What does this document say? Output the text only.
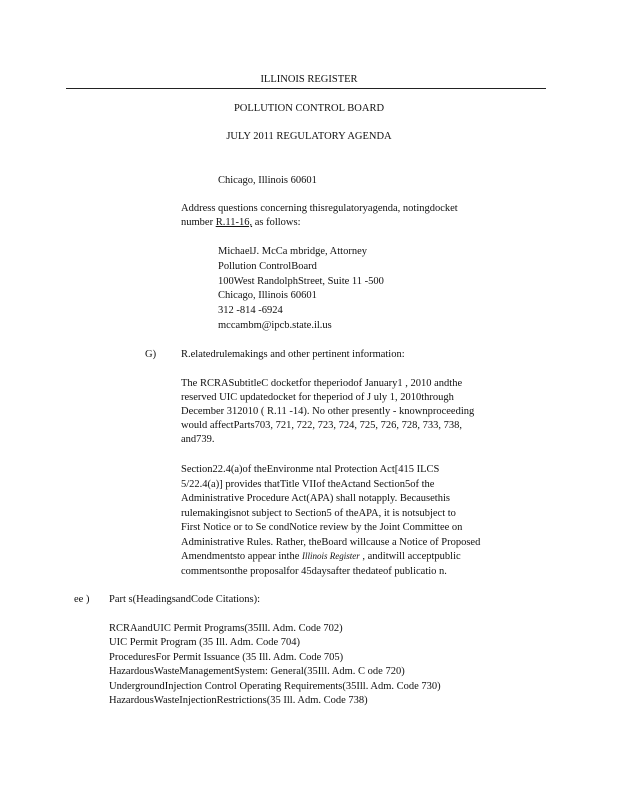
ILLINOIS REGISTER
POLLUTION CONTROL BOARD
JULY 2011 REGULATORY AGENDA
Chicago, Illinois 60601
Address questions concerning thisregulatoryagenda, notingdocket
number R.11-16, as follows:
MichaelJ. McCa mbridge, Attorney
Pollution ControlBoard
100West RandolphStreet, Suite 11 -500
Chicago, Illinois 60601
312 -814 -6924
mccambm@ipcb.state.il.us
G) R.elatedrulemakings and other pertinent information:
The RCRASubtitleC docketfor theperiodof January1 , 2010 andthe
reserved UIC updatedocket for theperiod of J uly 1, 2010through
December 312010 ( R.11 -14). No other presently - knownproceeding
would affectParts703, 721, 722, 723, 724, 725, 726, 728, 733, 738,
and739.
Section22.4(a)of theEnvironme ntal Protection Act[415 ILCS
5/22.4(a)] provides thatTitle VIIof theActand Section5of the
Administrative Procedure Act(APA) shall notapply. Becausethis
rulemakingisnot subject to Section5 of theAPA, it is notsubject to
First Notice or to Se condNotice review by the Joint Committee on
Administrative Rules. Rather, theBoard willcause a Notice of Proposed
Amendmentsto appear inthe Illinois Register , anditwill acceptpublic
commentsonthe proposalfor 45daysafter thedateof publicatio n.
ee ) Part s(HeadingsandCode Citations):
RCRAandUIC Permit Programs(35Ill. Adm. Code 702)
UIC Permit Program (35 Ill. Adm. Code 704)
ProceduresFor Permit Issuance (35 Ill. Adm. Code 705)
HazardousWasteManagementSystem: General(35Ill. Adm. C ode 720)
UndergroundInjection Control Operating Requirements(35Ill. Adm. Code 730)
HazardousWasteInjectionRestrictions(35 Ill. Adm. Code 738)
